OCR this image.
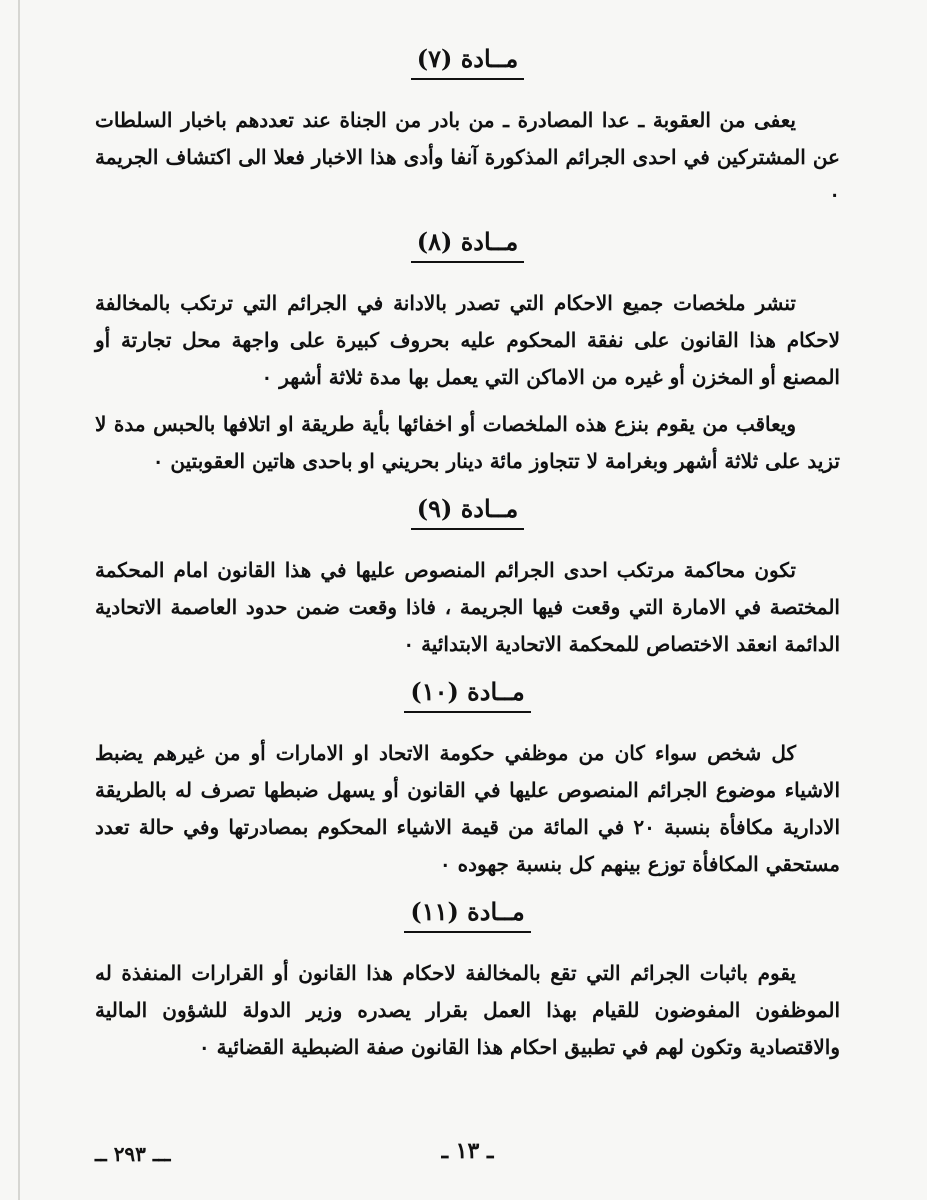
مــادة (٧)

يعفى من العقوبة ـ عدا المصادرة ـ من بادر من الجناة عند تعددهم باخبار السلطات عن المشتركين في احدى الجرائم المذكورة آنفا وأدى هذا الاخبار فعلا الى اكتشاف الجريمة ٠

مــادة (٨)

تنشر ملخصات جميع الاحكام التي تصدر بالادانة في الجرائم التي ترتكب بالمخالفة لاحكام هذا القانون على نفقة المحكوم عليه بحروف كبيرة على واجهة محل تجارتة أو المصنع أو المخزن أو غيره من الاماكن التي يعمل بها مدة ثلاثة أشهر ٠

ويعاقب من يقوم بنزع هذه الملخصات أو اخفائها بأية طريقة او اتلافها بالحبس مدة لا تزيد على ثلاثة أشهر وبغرامة لا تتجاوز مائة دينار بحريني او باحدى هاتين العقوبتين ٠

مــادة (٩)

تكون محاكمة مرتكب احدى الجرائم المنصوص عليها في هذا القانون امام المحكمة المختصة في الامارة التي وقعت فيها الجريمة ، فاذا وقعت ضمن حدود العاصمة الاتحادية الدائمة انعقد الاختصاص للمحكمة الاتحادية الابتدائية ٠

مــادة (١٠)

كل شخص سواء كان من موظفي حكومة الاتحاد او الامارات أو من غيرهم يضبط الاشياء موضوع الجرائم المنصوص عليها في القانون أو يسهل ضبطها تصرف له بالطريقة الادارية مكافأة بنسبة ٢٠ في المائة من قيمة الاشياء المحكوم بمصادرتها وفي حالة تعدد مستحقي المكافأة توزع بينهم كل بنسبة جهوده ٠

مــادة (١١)

يقوم باثبات الجرائم التي تقع بالمخالفة لاحكام هذا القانون أو القرارات المنفذة له الموظفون المفوضون للقيام بهذا العمل بقرار يصدره وزير الدولة للشؤون المالية والاقتصادية وتكون لهم في تطبيق احكام هذا القانون صفة الضبطية القضائية ٠

ـــ ٢٩٣ ــ	ـ ١٣ ـ
